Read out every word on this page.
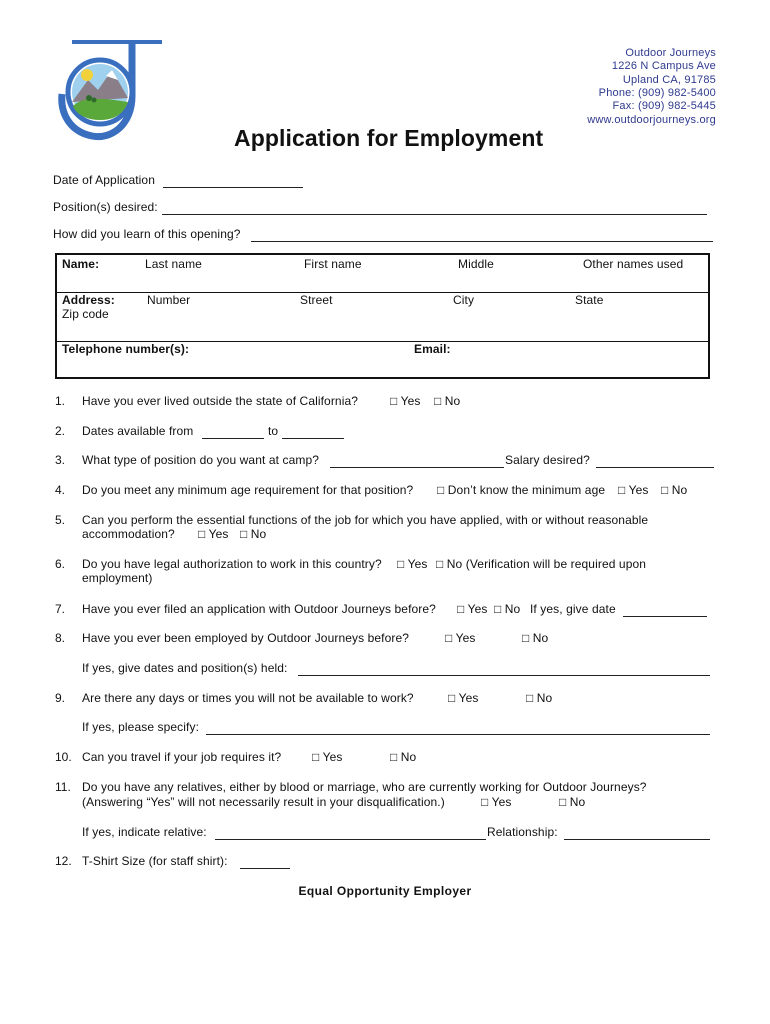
Outdoor Journeys
1226 N Campus Ave
Upland CA, 91785
Phone: (909) 982-5400
Fax: (909) 982-5445
www.outdoorjourneys.org
Application for Employment
Date of Application
Position(s) desired:
How did you learn of this opening?
Name:	Last name	First name	Middle	Other names used
Address:	Number	Street	City	State
Zip code
Telephone number(s):	Email:
1. Have you ever lived outside the state of California?	□ Yes □ No
2. Dates available from	to
3. What type of position do you want at camp?	Salary desired?
4. Do you meet any minimum age requirement for that position? □ Don’t know the minimum age □ Yes □ No
5. Can you perform the essential functions of the job for which you have applied, with or without reasonable
accommodation? □ Yes □ No
6. Do you have legal authorization to work in this country? □ Yes □ No (Verification will be required upon
employment)
7. Have you ever filed an application with Outdoor Journeys before? □ Yes □ No If yes, give date
8. Have you ever been employed by Outdoor Journeys before?	□ Yes	□ No
If yes, give dates and position(s) held:
9. Are there any days or times you will not be available to work?	□ Yes	□ No
If yes, please specify:
10. Can you travel if your job requires it?	□ Yes	□ No
11. Do you have any relatives, either by blood or marriage, who are currently working for Outdoor Journeys?
(Answering “Yes” will not necessarily result in your disqualification.)	□ Yes	□ No
If yes, indicate relative:	Relationship:
12. T-Shirt Size (for staff shirt):
Equal Opportunity Employer
